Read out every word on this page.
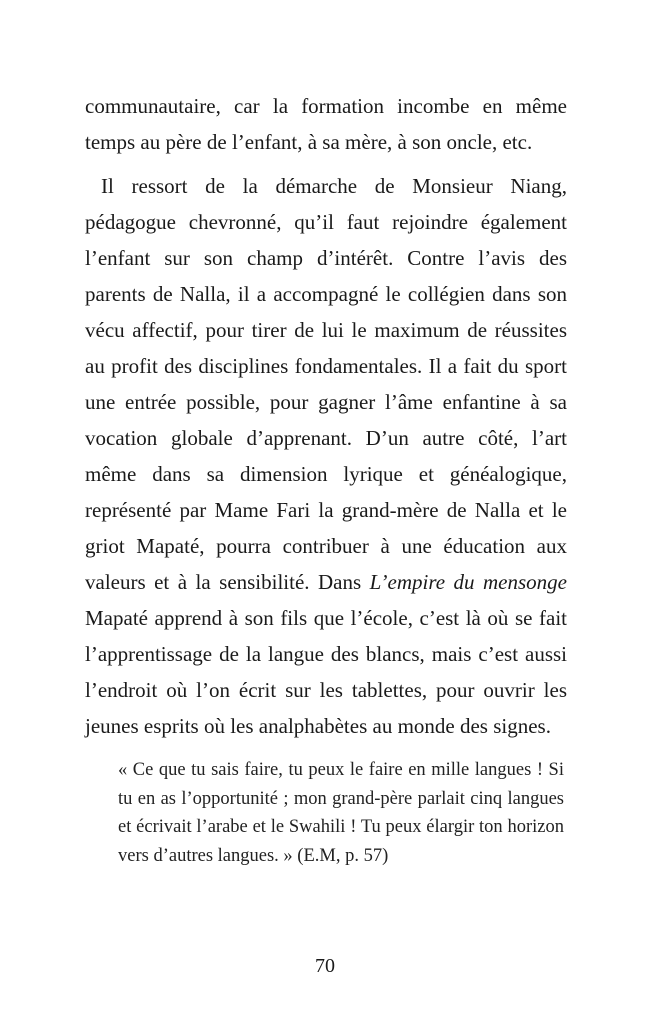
communautaire, car la formation incombe en même temps au père de l’enfant, à sa mère, à son oncle, etc.

Il ressort de la démarche de Monsieur Niang, pédagogue chevronné, qu’il faut rejoindre également l’enfant sur son champ d’intérêt. Contre l’avis des parents de Nalla, il a accompagné le collégien dans son vécu affectif, pour tirer de lui le maximum de réussites au profit des disciplines fondamentales. Il a fait du sport une entrée possible, pour gagner l’âme enfantine à sa vocation globale d’apprenant. D’un autre côté, l’art même dans sa dimension lyrique et généalogique, représenté par Mame Fari la grand-mère de Nalla et le griot Mapaté, pourra contribuer à une éducation aux valeurs et à la sensibilité. Dans L’empire du mensonge Mapaté apprend à son fils que l’école, c’est là où se fait l’apprentissage de la langue des blancs, mais c’est aussi l’endroit où l’on écrit sur les tablettes, pour ouvrir les jeunes esprits où les analphabètes au monde des signes.

« Ce que tu sais faire, tu peux le faire en mille langues ! Si tu en as l’opportunité ; mon grand-père parlait cinq langues et écrivait l’arabe et le Swahili ! Tu peux élargir ton horizon vers d’autres langues. » (E.M, p. 57)
70
